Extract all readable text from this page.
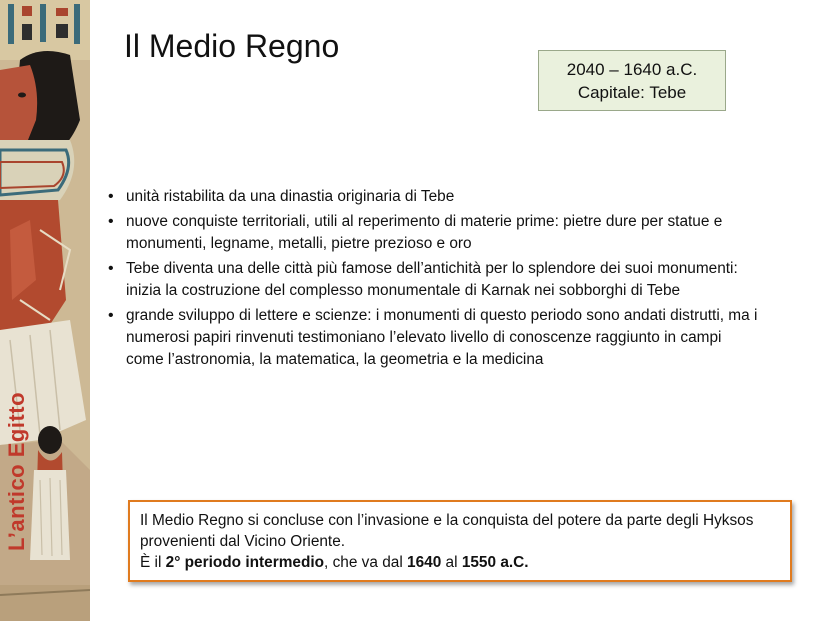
L’antico Egitto
Il Medio Regno
2040 – 1640 a.C.
Capitale: Tebe
• unità ristabilita da una dinastia originaria di Tebe
• nuove conquiste territoriali, utili al reperimento di materie prime: pietre dure per statue e monumenti, legname, metalli, pietre prezioso e oro
• Tebe diventa una delle città più famose dell’antichità per lo splendore dei suoi monumenti: inizia la costruzione del complesso monumentale di Karnak nei sobborghi di Tebe
• grande sviluppo di lettere e scienze: i monumenti di questo periodo sono andati distrutti, ma i numerosi papiri rinvenuti testimoniano l’elevato livello di conoscenze raggiunto in campi come l’astronomia, la matematica, la geometria e la medicina
Il Medio Regno si concluse con l’invasione e la conquista del potere da parte degli Hyksos provenienti dal Vicino Oriente.
È il 2° periodo intermedio, che va dal 1640 al 1550 a.C.
